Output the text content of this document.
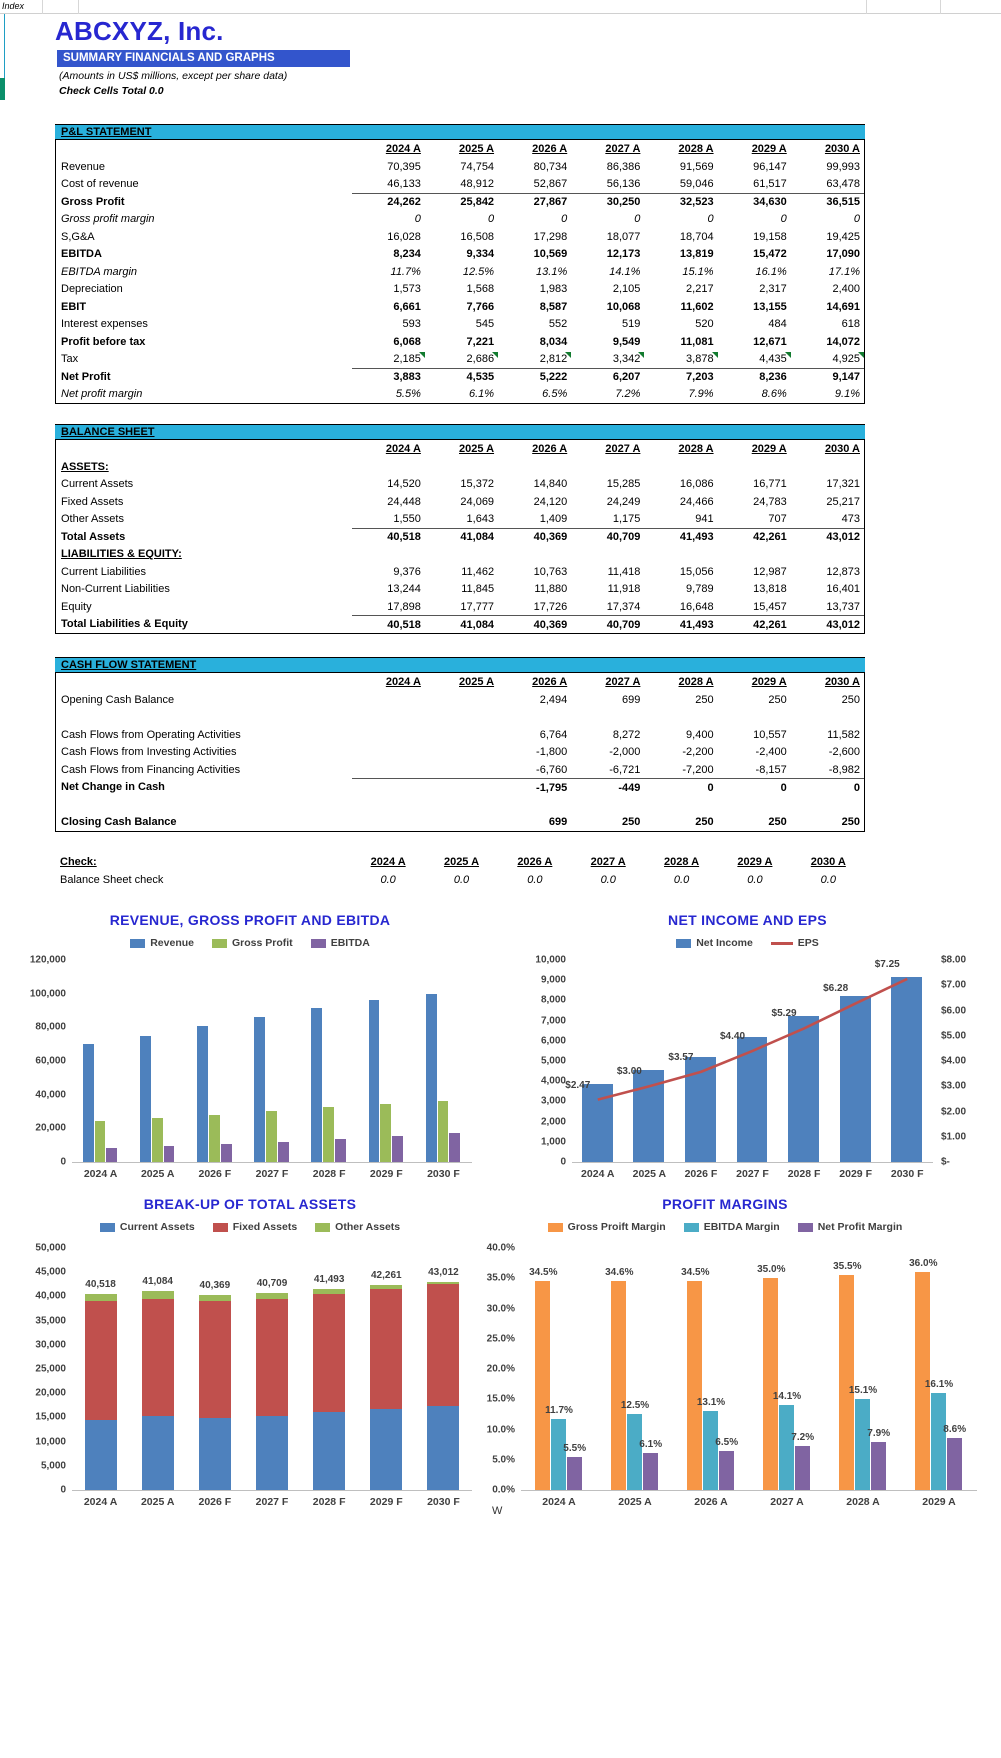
Index
ABCXYZ, Inc.
SUMMARY FINANCIALS AND GRAPHS
(Amounts in US$ millions, except per share data)
Check Cells Total 0.0
P&L STATEMENT
	2024 A	2025 A	2026 A	2027 A	2028 A	2029 A	2030 A
Revenue	70,395	74,754	80,734	86,386	91,569	96,147	99,993
Cost of revenue	46,133	48,912	52,867	56,136	59,046	61,517	63,478
Gross Profit	24,262	25,842	27,867	30,250	32,523	34,630	36,515
Gross profit margin	0	0	0	0	0	0	0
S,G&A	16,028	16,508	17,298	18,077	18,704	19,158	19,425
EBITDA	8,234	9,334	10,569	12,173	13,819	15,472	17,090
EBITDA margin	11.7%	12.5%	13.1%	14.1%	15.1%	16.1%	17.1%
Depreciation	1,573	1,568	1,983	2,105	2,217	2,317	2,400
EBIT	6,661	7,766	8,587	10,068	11,602	13,155	14,691
Interest expenses	593	545	552	519	520	484	618
Profit before tax	6,068	7,221	8,034	9,549	11,081	12,671	14,072
Tax	2,185	2,686	2,812	3,342	3,878	4,435	4,925
Net Profit	3,883	4,535	5,222	6,207	7,203	8,236	9,147
Net profit margin	5.5%	6.1%	6.5%	7.2%	7.9%	8.6%	9.1%
BALANCE SHEET
	2024 A	2025 A	2026 A	2027 A	2028 A	2029 A	2030 A
ASSETS:							
Current Assets	14,520	15,372	14,840	15,285	16,086	16,771	17,321
Fixed Assets	24,448	24,069	24,120	24,249	24,466	24,783	25,217
Other Assets	1,550	1,643	1,409	1,175	941	707	473
Total Assets	40,518	41,084	40,369	40,709	41,493	42,261	43,012
LIABILITIES & EQUITY:							
Current Liabilities	9,376	11,462	10,763	11,418	15,056	12,987	12,873
Non-Current Liabilities	13,244	11,845	11,880	11,918	9,789	13,818	16,401
Equity	17,898	17,777	17,726	17,374	16,648	15,457	13,737
Total Liabilities & Equity	40,518	41,084	40,369	40,709	41,493	42,261	43,012
CASH FLOW STATEMENT
	2024 A	2025 A	2026 A	2027 A	2028 A	2029 A	2030 A
Opening Cash Balance			2,494	699	250	250	250

Cash Flows from Operating Activities			6,764	8,272	9,400	10,557	11,582
Cash Flows from Investing Activities			-1,800	-2,000	-2,200	-2,400	-2,600
Cash Flows from Financing Activities			-6,760	-6,721	-7,200	-8,157	-8,982
Net Change in Cash			-1,795	-449	0	0	0

Closing Cash Balance			699	250	250	250	250
Check:	2024 A	2025 A	2026 A	2027 A	2028 A	2029 A	2030 A
Balance Sheet check	0.0	0.0	0.0	0.0	0.0	0.0	0.0
REVENUE, GROSS PROFIT AND EBITDA
Revenue	Gross Profit	EBITDA
0
20,000
40,000
60,000
80,000
100,000
120,000
2024 A 2025 A 2026 F 2027 F 2028 F 2029 F 2030 F
NET INCOME AND EPS
Net Income	EPS
0
1,000
2,000
3,000
4,000
5,000
6,000
7,000
8,000
9,000
10,000
$-
$1.00
$2.00
$3.00
$4.00
$5.00
$6.00
$7.00
$8.00
2024 A 2025 A 2026 F 2027 F 2028 F 2029 F 2030 F
$2.47
$3.00
$3.57
$4.40
$5.29
$6.28
$7.25
BREAK-UP OF TOTAL ASSETS
Current Assets	Fixed Assets	Other Assets
0
5,000
10,000
15,000
20,000
25,000
30,000
35,000
40,000
45,000
50,000
40,518
2024 A
41,084
2025 A
40,369
2026 F
40,709
2027 F
41,493
2028 F
42,261
2029 F
43,012
2030 F
PROFIT MARGINS
Gross Proift Margin	EBITDA Margin	Net Profit Margin
0.0%
5.0%
10.0%
15.0%
20.0%
25.0%
30.0%
35.0%
40.0%
34.5%
11.7%
5.5%
2024 A
34.6%
12.5%
6.1%
2025 A
34.5%
13.1%
6.5%
2026 A
35.0%
14.1%
7.2%
2027 A
35.5%
15.1%
7.9%
2028 A
36.0%
16.1%
8.6%
2029 A
W
